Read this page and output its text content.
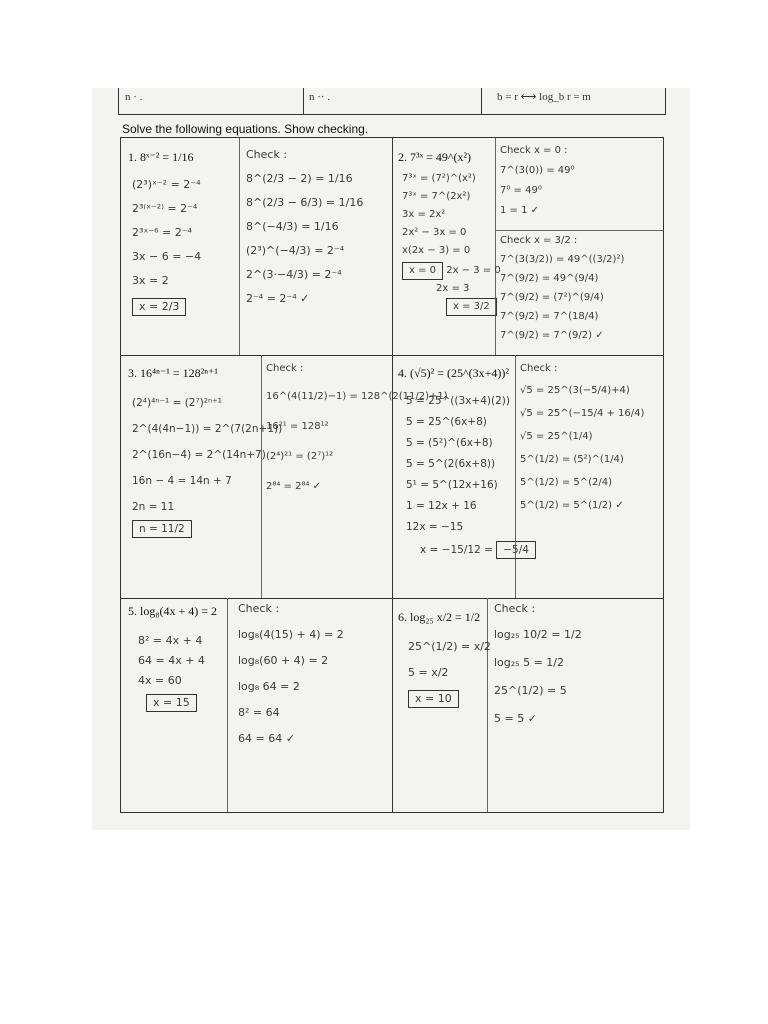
n · .	n ·· .	b = r ⟷ log_b r = m
Solve the following equations. Show checking.
1. 8ˣ⁻² = 1/16
(2³)ˣ⁻² = 2⁻⁴
2³⁽ˣ⁻²⁾ = 2⁻⁴
2³ˣ⁻⁶ = 2⁻⁴
3x − 6 = −4
3x = 2
x = 2/3
Check :
8^(2/3 − 2) = 1/16
8^(2/3 − 6/3) = 1/16
8^(−4/3) = 1/16
(2³)^(−4/3) = 2⁻⁴
2^(3·−4/3) = 2⁻⁴
2⁻⁴ = 2⁻⁴ ✓
2. 7³ˣ = 49^(x²)
7³ˣ = (7²)^(x²)
7³ˣ = 7^(2x²)
3x = 2x²
2x² − 3x = 0
x(2x − 3) = 0
x = 0 2x − 3 = 0
2x = 3
x = 3/2
Check x = 0 :
7^(3(0)) = 49⁰
7⁰ = 49⁰
1 = 1 ✓
Check x = 3/2 :
7^(3(3/2)) = 49^((3/2)²)
7^(9/2) = 49^(9/4)
7^(9/2) = (7²)^(9/4)
7^(9/2) = 7^(18/4)
7^(9/2) = 7^(9/2) ✓
3. 16⁴ⁿ⁻¹ = 128²ⁿ⁺¹
(2⁴)⁴ⁿ⁻¹ = (2⁷)²ⁿ⁺¹
2^(4(4n−1)) = 2^(7(2n+1))
2^(16n−4) = 2^(14n+7)
16n − 4 = 14n + 7
2n = 11
n = 11/2
Check :
16^(4(11/2)−1) = 128^(2(11/2)+1)
16²¹ = 128¹²
(2⁴)²¹ = (2⁷)¹²
2⁸⁴ = 2⁸⁴ ✓
4. (√5)² = (25^(3x+4))²
5 = 25^((3x+4)(2))
5 = 25^(6x+8)
5 = (5²)^(6x+8)
5 = 5^(2(6x+8))
5¹ = 5^(12x+16)
1 = 12x + 16
12x = −15
x = −15/12 = −5/4
Check :
√5 = 25^(3(−5/4)+4)
√5 = 25^(−15/4 + 16/4)
√5 = 25^(1/4)
5^(1/2) = (5²)^(1/4)
5^(1/2) = 5^(2/4)
5^(1/2) = 5^(1/2) ✓
5. log₈(4x + 4) = 2
8² = 4x + 4
64 = 4x + 4
4x = 60
x = 15
Check :
log₈(4(15) + 4) = 2
log₈(60 + 4) = 2
log₈ 64 = 2
8² = 64
64 = 64 ✓
6. log₂₅ x/2 = 1/2
25^(1/2) = x/2
5 = x/2
x = 10
Check :
log₂₅ 10/2 = 1/2
log₂₅ 5 = 1/2
25^(1/2) = 5
5 = 5 ✓
